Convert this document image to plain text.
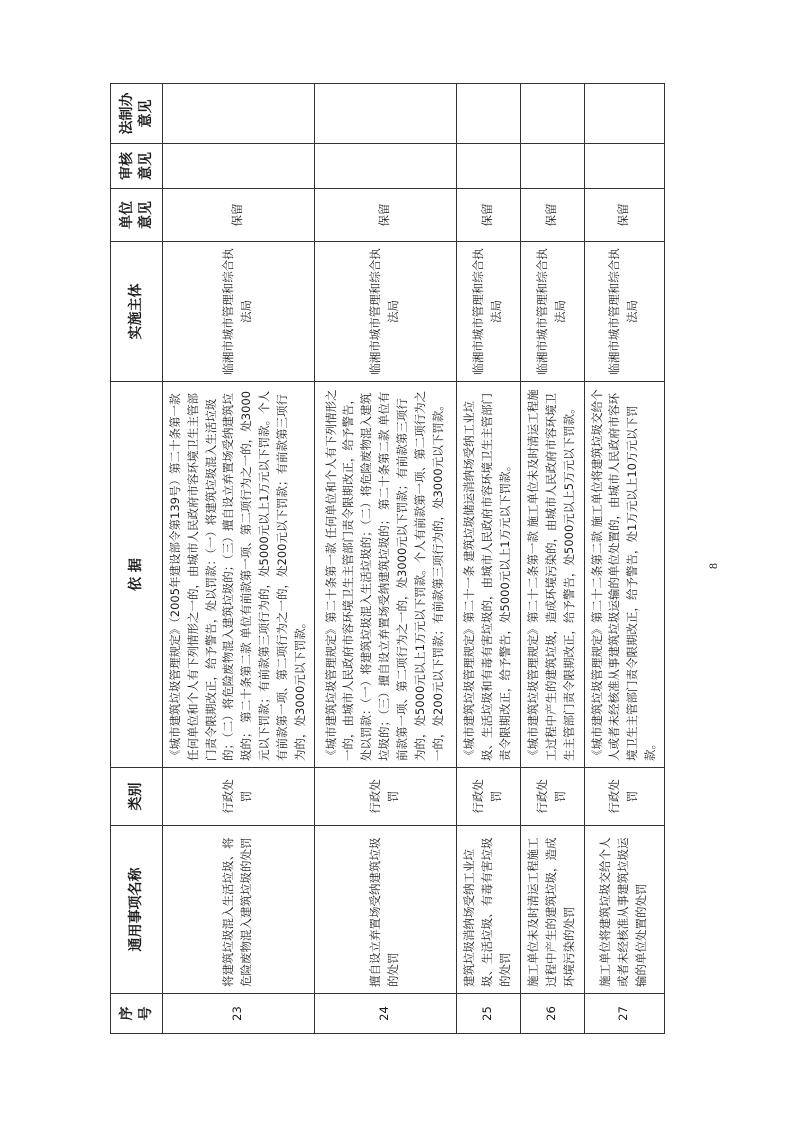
序号	通用事项名称	类别	依 据	实施主体	单位意见	审核意见	法制办意见
23	将建筑垃圾混入生活垃圾、将危险废物混入建筑垃圾的处罚	行政处罚	《城市建筑垃圾管理规定》（2005年建设部令第139号）第二十条第一款 任何单位和个人有下列情形之一的，由城市人民政府市容环境卫生主管部门责令限期改正，给予警告，处以罚款：（一）将建筑垃圾混入生活垃圾的；（二）将危险废物混入建筑垃圾的；（三）擅自设立弃置场受纳建筑垃圾的； 第二十条第二款 单位有前款第一项、第二项行为之一的，处3000元以下罚款；有前款第三项行为的，处5000元以上1万元以下罚款。个人有前款第一项、第二项行为之一的，处200元以下罚款；有前款第三项行为的，处3000元以下罚款。	临湘市城市管理和综合执法局	保留		
24	擅自设立弃置场受纳建筑垃圾的处罚	行政处罚	《城市建筑垃圾管理规定》第二十条第一款 任何单位和个人有下列情形之一的，由城市人民政府市容环境卫生主管部门责令限期改正，给予警告，处以罚款：（一）将建筑垃圾混入生活垃圾的；（二）将危险废物混入建筑垃圾的；（三）擅自设立弃置场受纳建筑垃圾的； 第二十条第二款 单位有前款第一项、第二项行为之一的，处3000元以下罚款；有前款第三项行为的，处5000元以上1万元以下罚款。个人有前款第一项、第二项行为之一的，处200元以下罚款；有前款第三项行为的，处3000元以下罚款。	临湘市城市管理和综合执法局	保留		
25	建筑垃圾消纳场受纳工业垃圾、生活垃圾、有毒有害垃圾的处罚	行政处罚	《城市建筑垃圾管理规定》第二十一条 建筑垃圾储运消纳场受纳工业垃圾、生活垃圾和有毒有害垃圾的，由城市人民政府市容环境卫生主管部门责令限期改正，给予警告，处5000元以上1万元以下罚款。	临湘市城市管理和综合执法局	保留		
26	施工单位未及时清运工程施工过程中产生的建筑垃圾，造成环境污染的处罚	行政处罚	《城市建筑垃圾管理规定》第二十二条第一款 施工单位未及时清运工程施工过程中产生的建筑垃圾，造成环境污染的，由城市人民政府市容环境卫生主管部门责令限期改正，给予警告，处5000元以上5万元以下罚款。	临湘市城市管理和综合执法局	保留		
27	施工单位将建筑垃圾交给个人或者未经核准从事建筑垃圾运输的单位处置的处罚	行政处罚	《城市建筑垃圾管理规定》第二十二条第二款 施工单位将建筑垃圾交给个人或者未经核准从事建筑垃圾运输的单位处置的，由城市人民政府市容环境卫生主管部门责令限期改正，给予警告，处1万元以上10万元以下罚款。	临湘市城市管理和综合执法局	保留		
8
